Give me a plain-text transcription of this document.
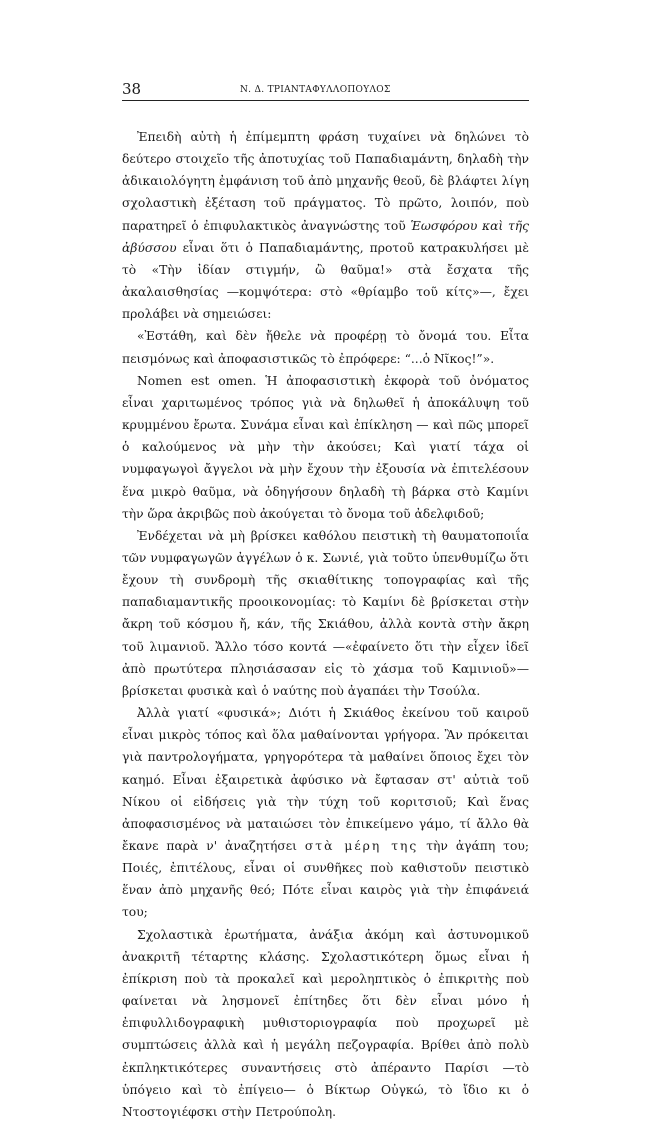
38	Ν. Δ. ΤΡΙΑΝΤΑΦΥΛΛΟΠΟΥΛΟΣ

Ἐπειδὴ αὐτὴ ἡ ἐπίμεμπτη φράση τυχαίνει νὰ δηλώνει τὸ δεύτερο στοιχεῖο τῆς ἀποτυχίας τοῦ Παπαδιαμάντη, δηλαδὴ τὴν ἀδικαιολόγητη ἐμφάνιση τοῦ ἀπὸ μηχανῆς θεοῦ, δὲ βλάφτει λίγη σχολαστικὴ ἐξέταση τοῦ πράγματος. Τὸ πρῶτο, λοιπόν, ποὺ παρατηρεῖ ὁ ἐπιφυλακτικὸς ἀναγνώστης τοῦ Ἑωσφόρου καὶ τῆς ἀβύσσου εἶναι ὅτι ὁ Παπαδιαμάντης, προτοῦ κατρακυλήσει μὲ τὸ «Τὴν ἰδίαν στιγμήν, ὢ θαῦμα!» στὰ ἔσχατα τῆς ἀκαλαισθησίας —κομψότερα: στὸ «θρίαμβο τοῦ κίτς»—, ἔχει προλάβει νὰ σημειώσει:

«Ἐστάθη, καὶ δὲν ἤθελε νὰ προφέρῃ τὸ ὄνομά του. Εἶτα πεισμόνως καὶ ἀποφασιστικῶς τὸ ἐπρόφερε: “...ὁ Νῖκος!”».

Nomen est omen. Ἡ ἀποφασιστικὴ ἐκφορὰ τοῦ ὀνόματος εἶναι χαριτωμένος τρόπος γιὰ νὰ δηλωθεῖ ἡ ἀποκάλυψη τοῦ κρυμμένου ἔρωτα. Συνάμα εἶναι καὶ ἐπίκληση — καὶ πῶς μπορεῖ ὁ καλούμενος νὰ μὴν τὴν ἀκούσει; Καὶ γιατί τάχα οἱ νυμφαγωγοὶ ἄγγελοι νὰ μὴν ἔχουν τὴν ἐξουσία νὰ ἐπιτελέσουν ἕνα μικρὸ θαῦμα, νὰ ὁδηγήσουν δηλαδὴ τὴ βάρκα στὸ Καμίνι τὴν ὥρα ἀκριβῶς ποὺ ἀκούγεται τὸ ὄνομα τοῦ ἀδελφιδοῦ;

Ἐνδέχεται νὰ μὴ βρίσκει καθόλου πειστικὴ τὴ θαυματοποιΐα τῶν νυμφαγωγῶν ἀγγέλων ὁ κ. Σωνιέ, γιὰ τοῦτο ὑπενθυμίζω ὅτι ἔχουν τὴ συνδρομὴ τῆς σκιαθίτικης τοπογραφίας καὶ τῆς παπαδιαμαντικῆς προοικονομίας: τὸ Καμίνι δὲ βρίσκεται στὴν ἄκρη τοῦ κόσμου ἤ, κάν, τῆς Σκιάθου, ἀλλὰ κοντὰ στὴν ἄκρη τοῦ λιμανιοῦ. Ἄλλο τόσο κοντά —«ἐφαίνετο ὅτι τὴν εἶχεν ἰδεῖ ἀπὸ πρωτύτερα πλησιάσασαν εἰς τὸ χάσμα τοῦ Καμινιοῦ»— βρίσκεται φυσικὰ καὶ ὁ ναύτης ποὺ ἀγαπάει τὴν Τσούλα.

Ἀλλὰ γιατί «φυσικά»; Διότι ἡ Σκιάθος ἐκείνου τοῦ καιροῦ εἶναι μικρὸς τόπος καὶ ὅλα μαθαίνονται γρήγορα. Ἂν πρόκειται γιὰ παντρολογήματα, γρηγορότερα τὰ μαθαίνει ὅποιος ἔχει τὸν καημό. Εἶναι ἐξαιρετικὰ ἀφύσικο νὰ ἔφτασαν στ' αὐτιὰ τοῦ Νίκου οἱ εἰδήσεις γιὰ τὴν τύχη τοῦ κοριτσιοῦ; Καὶ ἕνας ἀποφασισμένος νὰ ματαιώσει τὸν ἐπικείμενο γάμο, τί ἄλλο θὰ ἔκανε παρὰ ν' ἀναζητήσει στὰ μέρη της τὴν ἀγάπη του; Ποιές, ἐπιτέλους, εἶναι οἱ συνθῆκες ποὺ καθιστοῦν πειστικὸ ἕναν ἀπὸ μηχανῆς θεό; Πότε εἶναι καιρὸς γιὰ τὴν ἐπιφάνειά του;

Σχολαστικὰ ἐρωτήματα, ἀνάξια ἀκόμη καὶ ἀστυνομικοῦ ἀνακριτῆ τέταρτης κλάσης. Σχολαστικότερη ὅμως εἶναι ἡ ἐπίκριση ποὺ τὰ προκαλεῖ καὶ μεροληπτικὸς ὁ ἐπικριτὴς ποὺ φαίνεται νὰ λησμονεῖ ἐπίτηδες ὅτι δὲν εἶναι μόνο ἡ ἐπιφυλλιδογραφικὴ μυθιστοριογραφία ποὺ προχωρεῖ μὲ συμπτώσεις ἀλλὰ καὶ ἡ μεγάλη πεζογραφία. Βρίθει ἀπὸ πολὺ ἐκπληκτικότερες συναντήσεις στὸ ἀπέραντο Παρίσι —τὸ ὑπόγειο καὶ τὸ ἐπίγειο— ὁ Βίκτωρ Οὐγκώ, τὸ ἴδιο κι ὁ Ντοστογιέφσκι στὴν Πετρούπολη.
